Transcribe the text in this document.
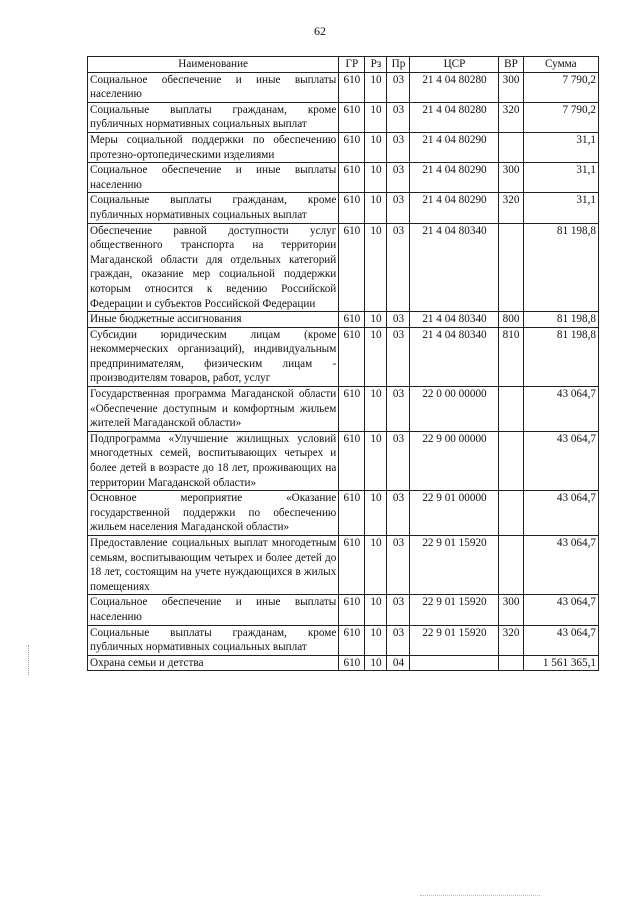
62
Наименование	ГР	Рз	Пр	ЦСР	ВР	Сумма
Социальное обеспечение и иные выплаты населению	610	10	03	21 4 04 80280	300	7 790,2
Социальные выплаты гражданам, кроме публичных нормативных социальных выплат	610	10	03	21 4 04 80280	320	7 790,2
Меры социальной поддержки по обеспечению протезно-ортопедическими изделиями	610	10	03	21 4 04 80290		31,1
Социальное обеспечение и иные выплаты населению	610	10	03	21 4 04 80290	300	31,1
Социальные выплаты гражданам, кроме публичных нормативных социальных выплат	610	10	03	21 4 04 80290	320	31,1
Обеспечение равной доступности услуг общественного транспорта на территории Магаданской области для отдельных категорий граждан, оказание мер социальной поддержки которым относится к ведению Российской Федерации и субъектов Российской Федерации	610	10	03	21 4 04 80340		81 198,8
Иные бюджетные ассигнования	610	10	03	21 4 04 80340	800	81 198,8
Субсидии юридическим лицам (кроме некоммерческих организаций), индивидуальным предпринимателям, физическим лицам - производителям товаров, работ, услуг	610	10	03	21 4 04 80340	810	81 198,8
Государственная программа Магаданской области «Обеспечение доступным и комфортным жильем жителей Магаданской области»	610	10	03	22 0 00 00000		43 064,7
Подпрограмма «Улучшение жилищных условий многодетных семей, воспитывающих четырех и более детей в возрасте до 18 лет, проживающих на территории Магаданской области»	610	10	03	22 9 00 00000		43 064,7
Основное мероприятие «Оказание государственной поддержки по обеспечению жильем населения Магаданской области»	610	10	03	22 9 01 00000		43 064,7
Предоставление социальных выплат многодетным семьям, воспитывающим четырех и более детей до 18 лет, состоящим на учете нуждающихся в жилых помещениях	610	10	03	22 9 01 15920		43 064,7
Социальное обеспечение и иные выплаты населению	610	10	03	22 9 01 15920	300	43 064,7
Социальные выплаты гражданам, кроме публичных нормативных социальных выплат	610	10	03	22 9 01 15920	320	43 064,7
Охрана семьи и детства	610	10	04			1 561 365,1
